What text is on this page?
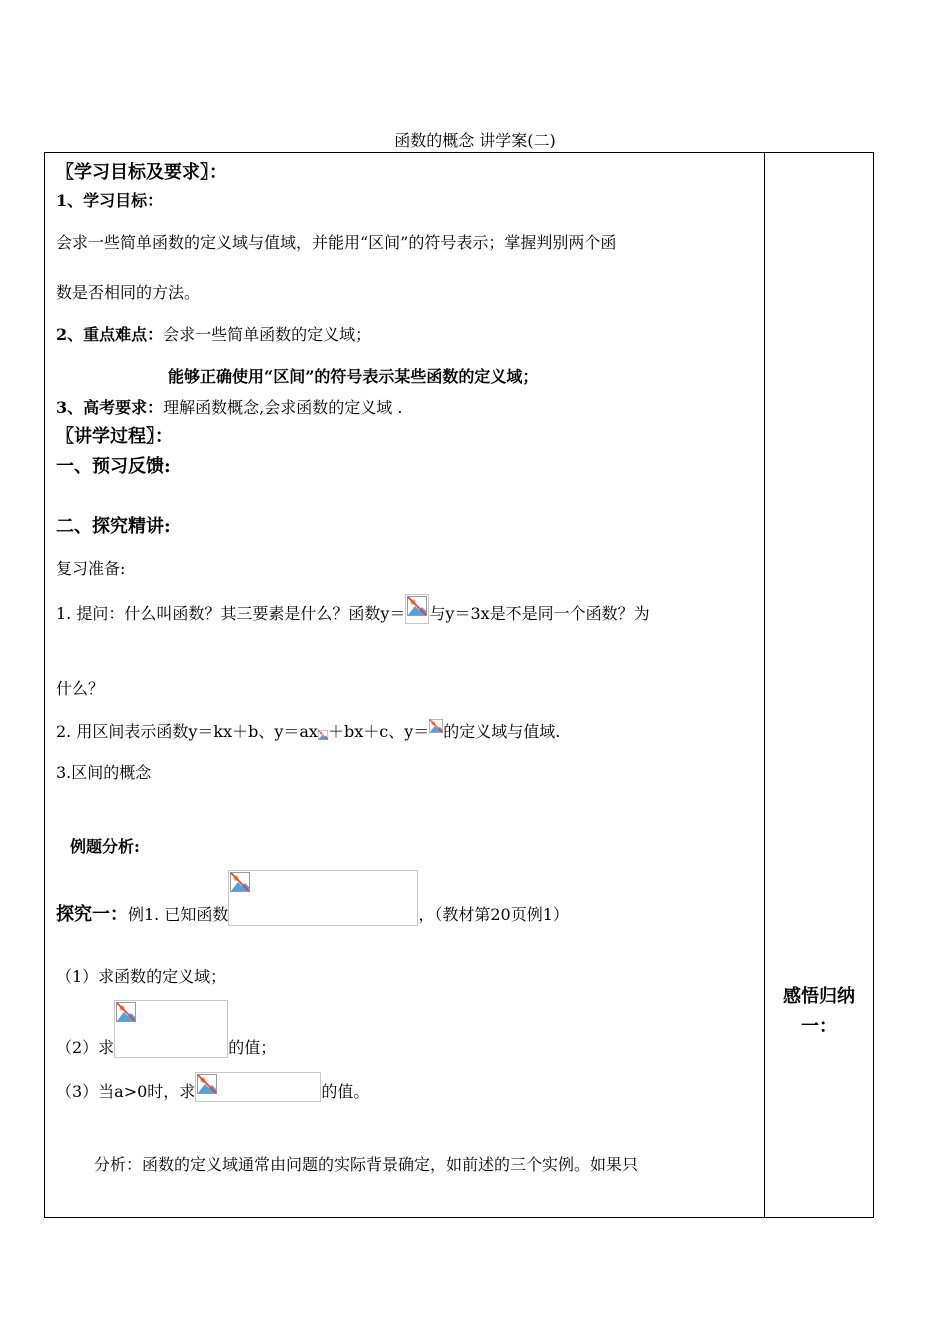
函数的概念 讲学案(二)
〖学习目标及要求〗：
1、学习目标：
会求一些简单函数的定义域与值域，并能用“区间”的符号表示；掌握判别两个函
数是否相同的方法。
2、重点难点：会求一些简单函数的定义域；
能够正确使用“区间”的符号表示某些函数的定义域；
3、高考要求：理解函数概念,会求函数的定义域 .
〖讲学过程〗：
一、预习反馈:
二、探究精讲:
复习准备:
1. 提问：什么叫函数？其三要素是什么？函数y＝ 与y＝3x是不是同一个函数？为
什么？
2. 用区间表示函数y＝kx＋b、y＝ax ＋bx＋c、y＝ 的定义域与值域.
3.区间的概念
例题分析:
探究一：例1. 已知函数	，（教材第20页例1）
（1）求函数的定义域；
（2）求	的值；
（3）当a>0时，求	的值。
分析：函数的定义域通常由问题的实际背景确定，如前述的三个实例。如果只
感悟归纳一：
